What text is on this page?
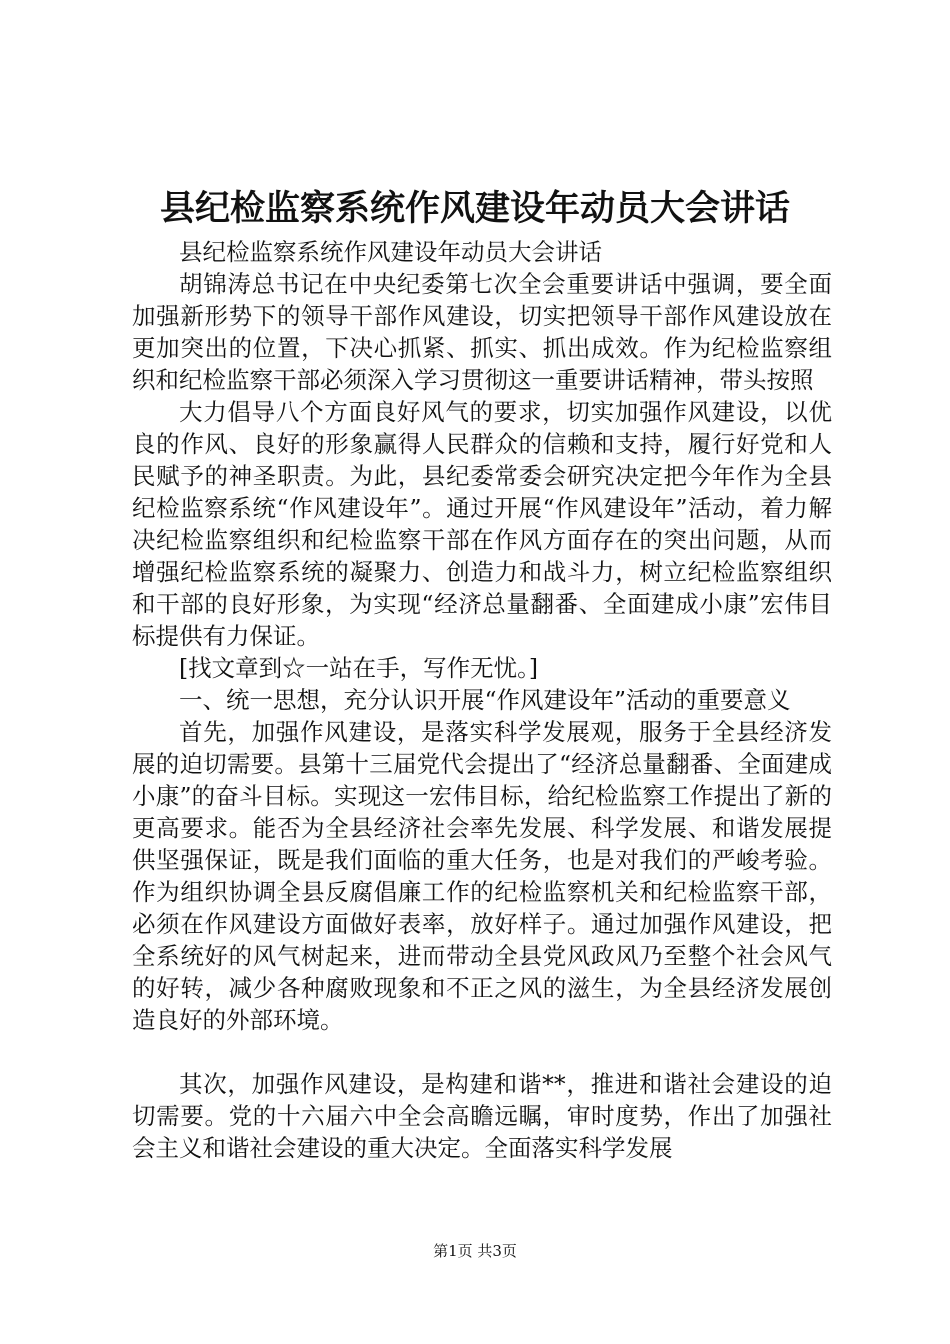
县纪检监察系统作风建设年动员大会讲话

县纪检监察系统作风建设年动员大会讲话

胡锦涛总书记在中央纪委第七次全会重要讲话中强调，要全面加强新形势下的领导干部作风建设，切实把领导干部作风建设放在更加突出的位置，下决心抓紧、抓实、抓出成效。作为纪检监察组织和纪检监察干部必须深入学习贯彻这一重要讲话精神，带头按照

大力倡导八个方面良好风气的要求，切实加强作风建设，以优良的作风、良好的形象赢得人民群众的信赖和支持，履行好党和人民赋予的神圣职责。为此，县纪委常委会研究决定把今年作为全县纪检监察系统“作风建设年”。通过开展“作风建设年”活动，着力解决纪检监察组织和纪检监察干部在作风方面存在的突出问题，从而增强纪检监察系统的凝聚力、创造力和战斗力，树立纪检监察组织和干部的良好形象，为实现“经济总量翻番、全面建成小康”宏伟目标提供有力保证。

[找文章到☆一站在手，写作无忧。]

一、统一思想，充分认识开展“作风建设年”活动的重要意义

首先，加强作风建设，是落实科学发展观，服务于全县经济发展的迫切需要。县第十三届党代会提出了“经济总量翻番、全面建成小康”的奋斗目标。实现这一宏伟目标，给纪检监察工作提出了新的更高要求。能否为全县经济社会率先发展、科学发展、和谐发展提供坚强保证，既是我们面临的重大任务，也是对我们的严峻考验。作为组织协调全县反腐倡廉工作的纪检监察机关和纪检监察干部，必须在作风建设方面做好表率，放好样子。通过加强作风建设，把全系统好的风气树起来，进而带动全县党风政风乃至整个社会风气的好转，减少各种腐败现象和不正之风的滋生，为全县经济发展创造良好的外部环境。

其次，加强作风建设，是构建和谐**，推进和谐社会建设的迫切需要。党的十六届六中全会高瞻远瞩，审时度势，作出了加强社会主义和谐社会建设的重大决定。全面落实科学发展

第1页 共3页
